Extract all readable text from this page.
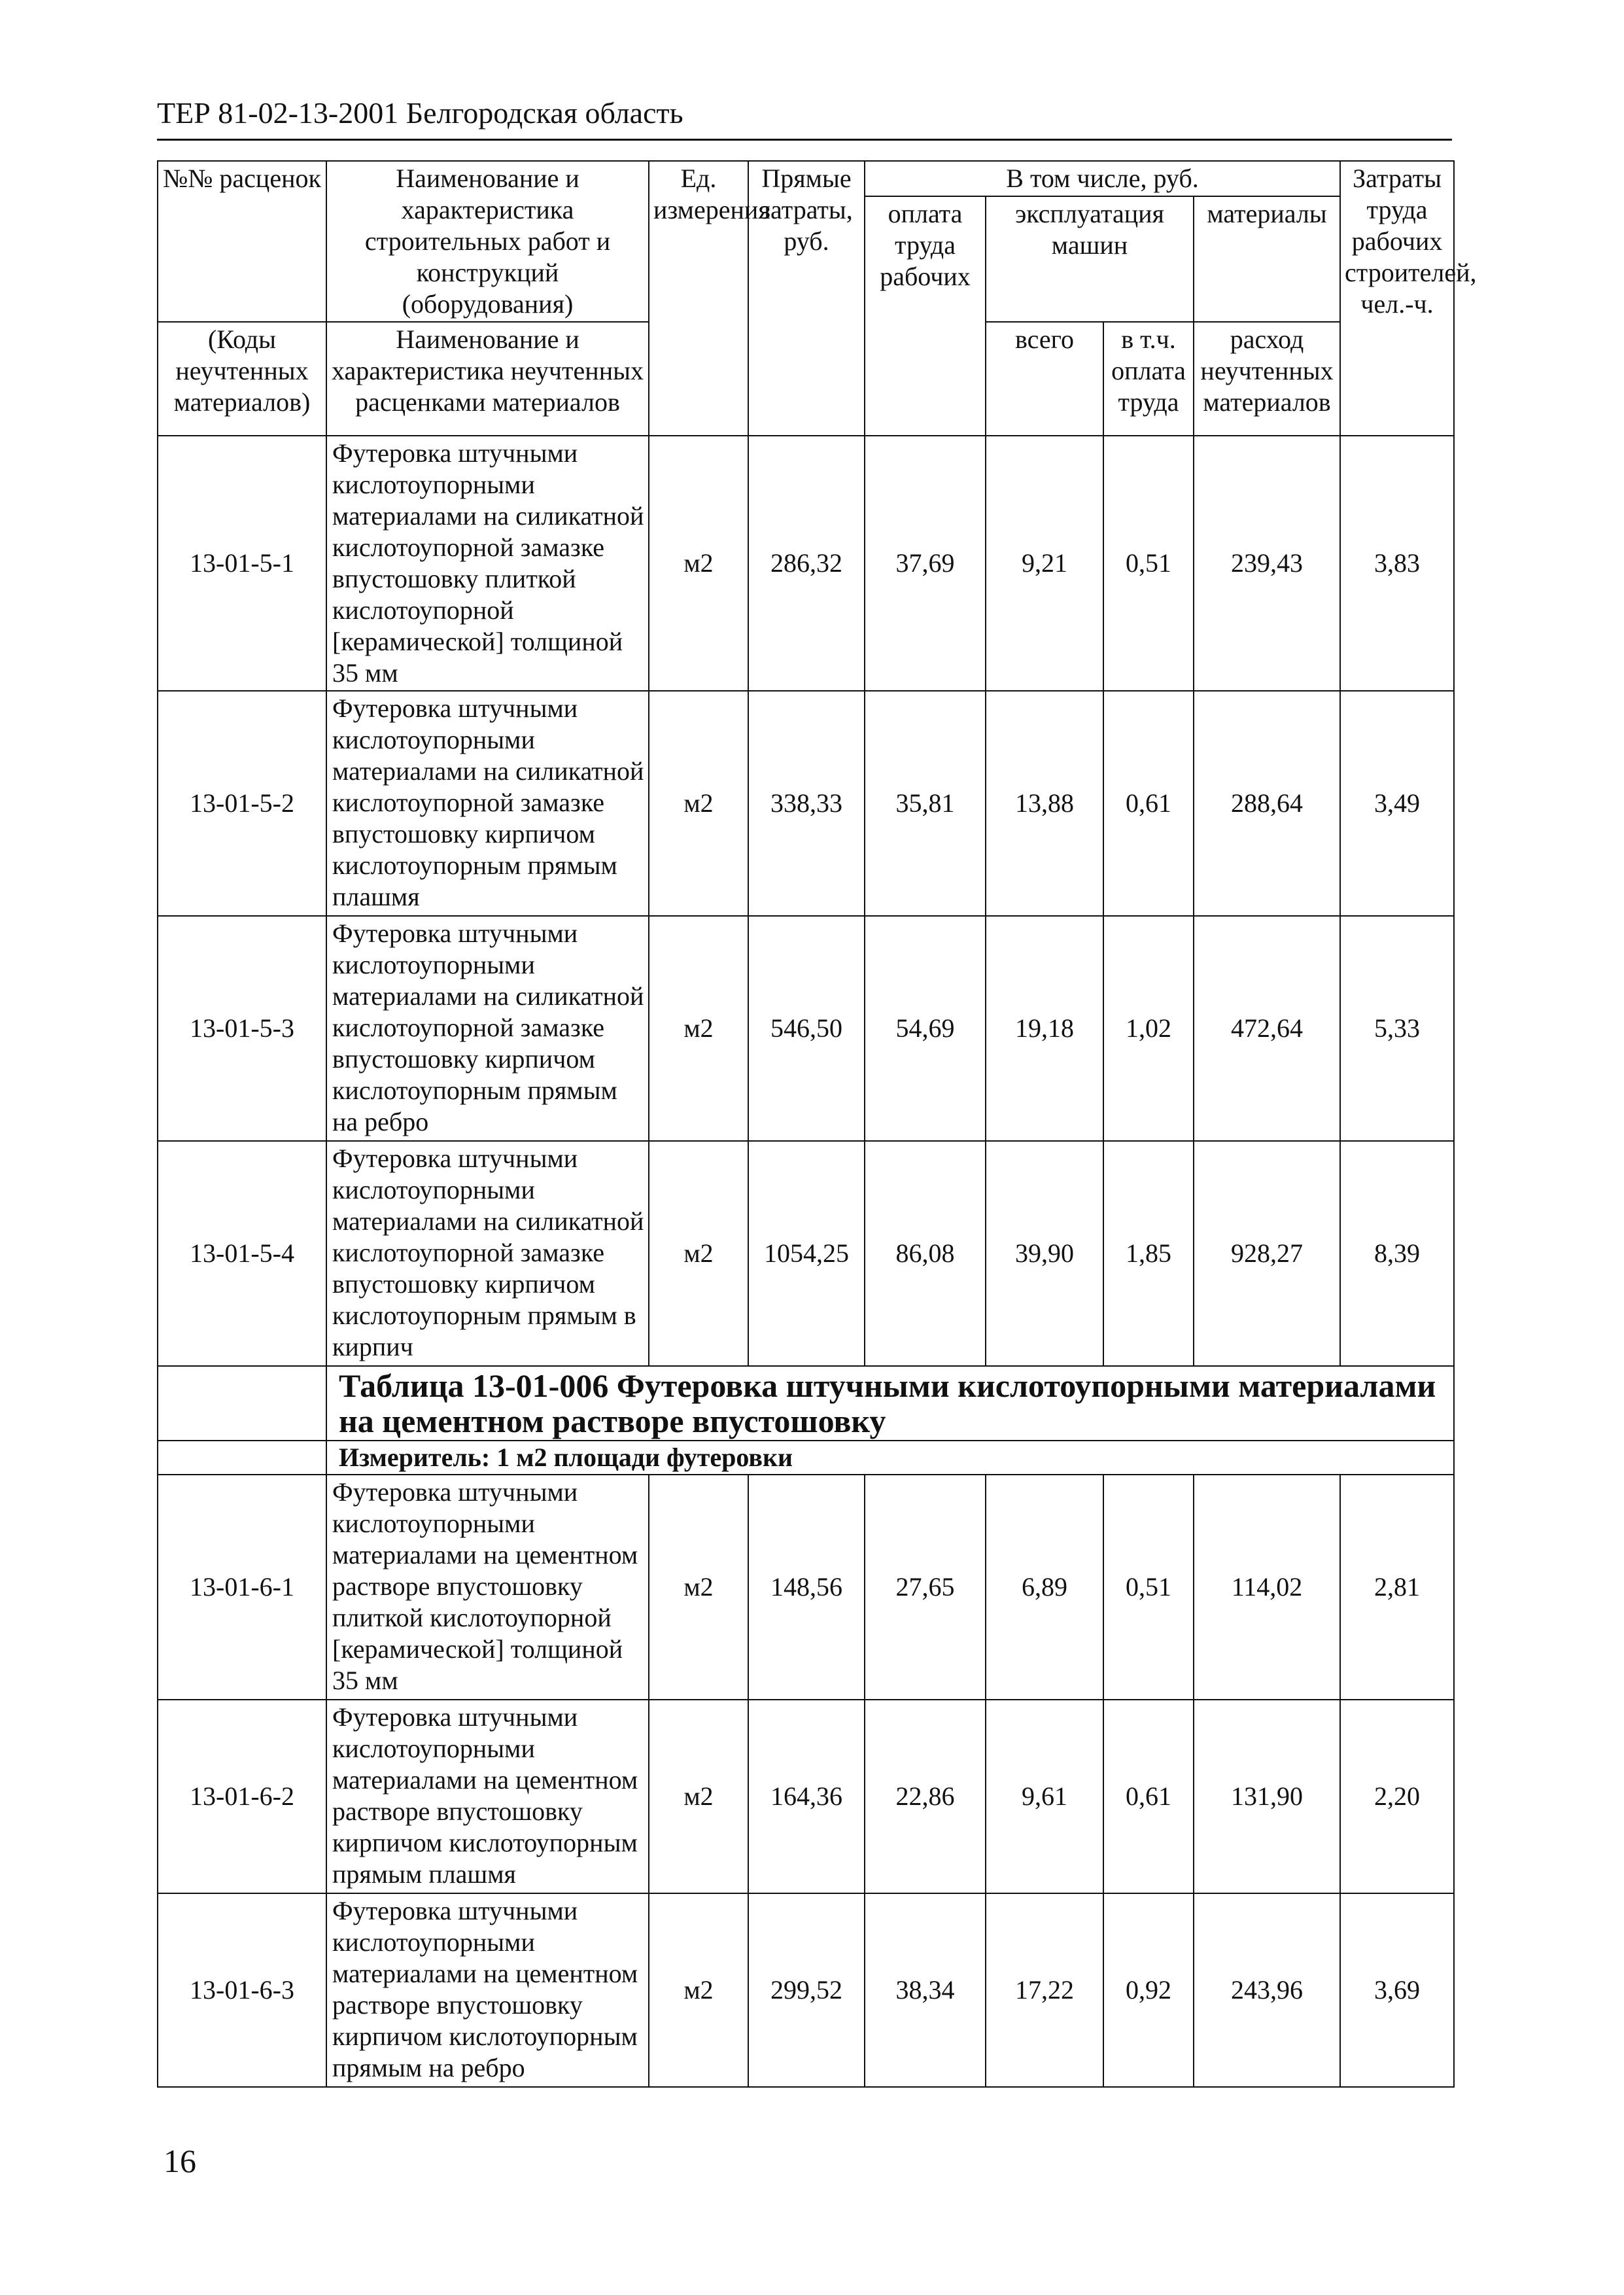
ТЕР 81-02-13-2001 Белгородская область
№№ расценок	Наименование и характеристика строительных работ и конструкций (оборудования)	Ед. измерения	Прямые затраты, руб.	В том числе, руб.				Затраты труда рабочих строителей, чел.-ч.
				оплата труда рабочих	эксплуатация машин		материалы	
(Коды неучтенных материалов)	Наименование и характеристика неучтенных расценками материалов				всего	в т.ч. оплата труда	расход неучтенных материалов	
13-01-5-1	Футеровка штучными кислотоупорными материалами на силикатной кислотоупорной замазке впустошовку плиткой кислотоупорной [керамической] толщиной 35 мм	м2	286,32	37,69	9,21	0,51	239,43	3,83
13-01-5-2	Футеровка штучными кислотоупорными материалами на силикатной кислотоупорной замазке впустошовку кирпичом кислотоупорным прямым плашмя	м2	338,33	35,81	13,88	0,61	288,64	3,49
13-01-5-3	Футеровка штучными кислотоупорными материалами на силикатной кислотоупорной замазке впустошовку кирпичом кислотоупорным прямым на ребро	м2	546,50	54,69	19,18	1,02	472,64	5,33
13-01-5-4	Футеровка штучными кислотоупорными материалами на силикатной кислотоупорной замазке впустошовку кирпичом кислотоупорным прямым в кирпич	м2	1054,25	86,08	39,90	1,85	928,27	8,39
	Таблица 13-01-006 Футеровка штучными кислотоупорными материалами на цементном растворе впустошовку							
	Измеритель: 1 м2 площади футеровки							
13-01-6-1	Футеровка штучными кислотоупорными материалами на цементном растворе впустошовку плиткой кислотоупорной [керамической] толщиной 35 мм	м2	148,56	27,65	6,89	0,51	114,02	2,81
13-01-6-2	Футеровка штучными кислотоупорными материалами на цементном растворе впустошовку кирпичом кислотоупорным прямым плашмя	м2	164,36	22,86	9,61	0,61	131,90	2,20
13-01-6-3	Футеровка штучными кислотоупорными материалами на цементном растворе впустошовку кирпичом кислотоупорным прямым на ребро	м2	299,52	38,34	17,22	0,92	243,96	3,69
16
